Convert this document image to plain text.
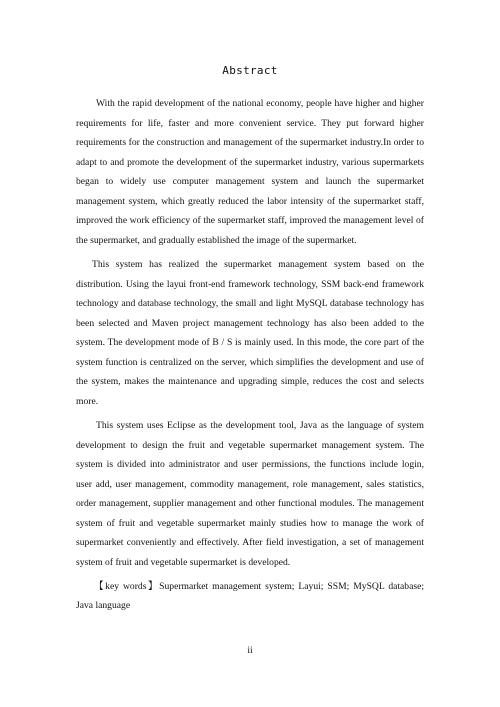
Abstract

With the rapid development of the national economy, people have higher and higher requirements for life, faster and more convenient service. They put forward higher requirements for the construction and management of the supermarket industry.In order to adapt to and promote the development of the supermarket industry, various supermarkets began to widely use computer management system and launch the supermarket management system, which greatly reduced the labor intensity of the supermarket staff, improved the work efficiency of the supermarket staff, improved the management level of the supermarket, and gradually established the image of the supermarket.

This system has realized the supermarket management system based on the distribution. Using the layui front-end framework technology, SSM back-end framework technology and database technology, the small and light MySQL database technology has been selected and Maven project management technology has also been added to the system. The development mode of B / S is mainly used. In this mode, the core part of the system function is centralized on the server, which simplifies the development and use of the system, makes the maintenance and upgrading simple, reduces the cost and selects more.

This system uses Eclipse as the development tool, Java as the language of system development to design the fruit and vegetable supermarket management system. The system is divided into administrator and user permissions, the functions include login, user add, user management, commodity management, role management, sales statistics, order management, supplier management and other functional modules. The management system of fruit and vegetable supermarket mainly studies how to manage the work of supermarket conveniently and effectively. After field investigation, a set of management system of fruit and vegetable supermarket is developed.

【key words】Supermarket management system; Layui; SSM; MySQL database; Java language

ii
